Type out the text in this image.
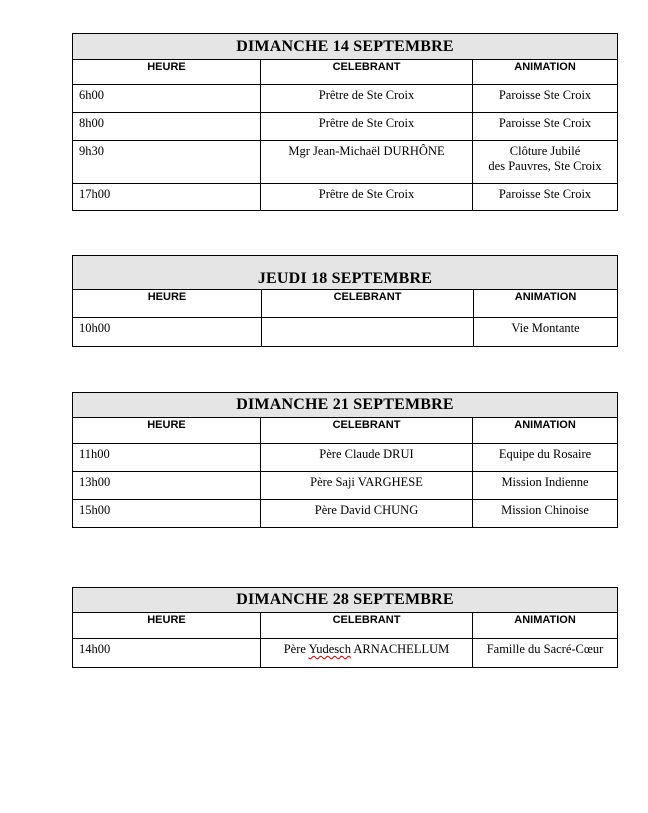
DIMANCHE 14 SEPTEMBRE		
HEURE	CELEBRANT	ANIMATION
6h00	Prêtre de Ste Croix	Paroisse Ste Croix
8h00	Prêtre de Ste Croix	Paroisse Ste Croix
9h30	Mgr Jean-Michaël DURHÔNE	Clôture Jubilé
des Pauvres, Ste Croix
17h00	Prêtre de Ste Croix	Paroisse Ste Croix
JEUDI 18 SEPTEMBRE		
HEURE	CELEBRANT	ANIMATION
10h00		Vie Montante
DIMANCHE 21 SEPTEMBRE		
HEURE	CELEBRANT	ANIMATION
11h00	Père Claude DRUI	Equipe du Rosaire
13h00	Père Saji VARGHESE	Mission Indienne
15h00	Père David CHUNG	Mission Chinoise
DIMANCHE 28 SEPTEMBRE		
HEURE	CELEBRANT	ANIMATION
14h00	Père Yudesch ARNACHELLUM	Famille du Sacré-Cœur
